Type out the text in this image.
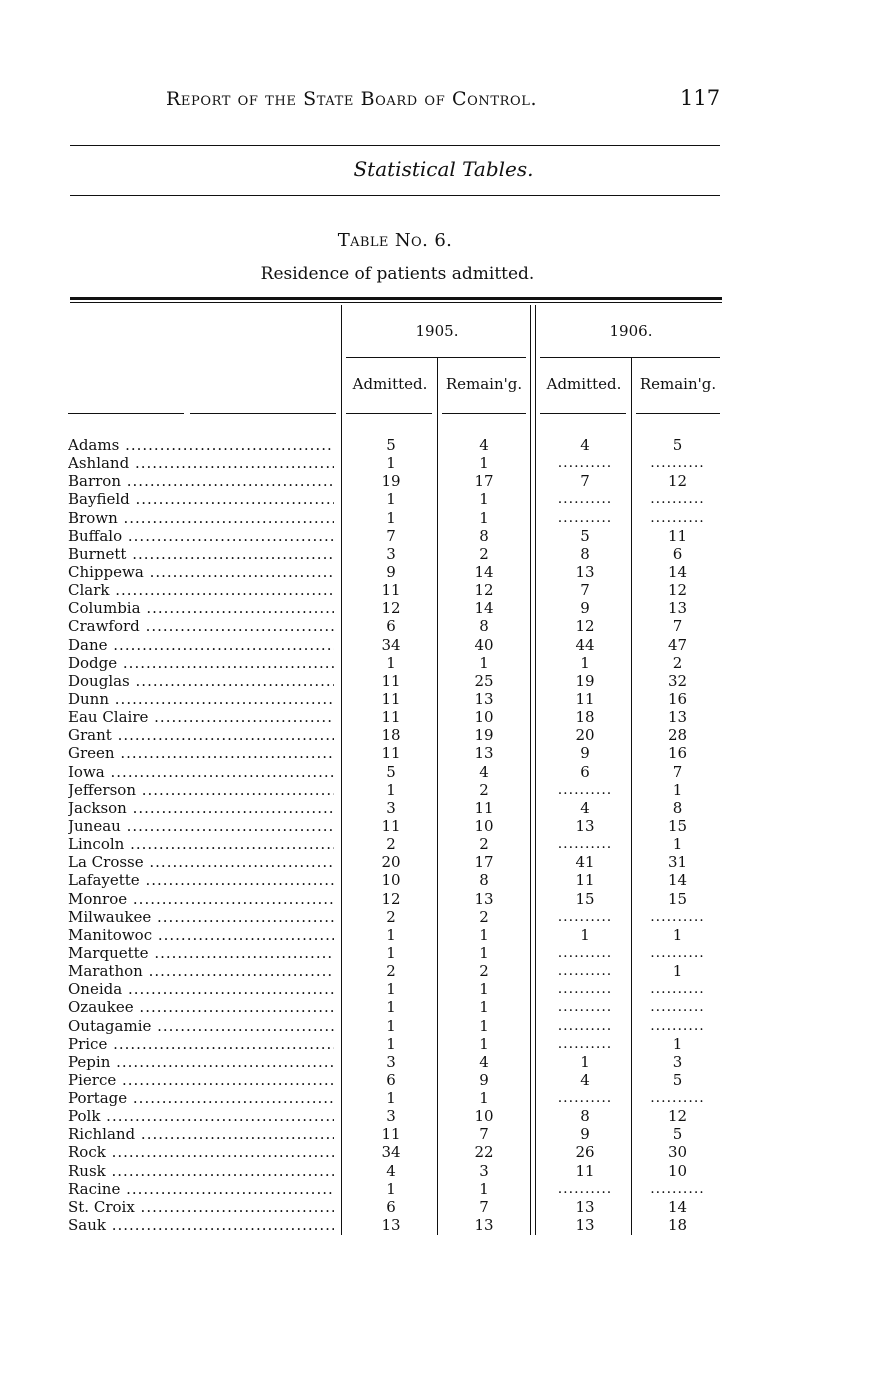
Report of the State Board of Control.	117
Statistical Tables.
Table No. 6.
Residence of patients admitted.
1905.	1906.
Admitted.	Remain'g.	Admitted.	Remain'g.
Adams .....	5	4	4	5
Ashland .....	1	1	..........	..........
Barron .....	19	17	7	12
Bayfield .....	1	1	..........	..........
Brown .....	1	1	..........	..........
Buffalo .....	7	8	5	11
Burnett .....	3	2	8	6
Chippewa .....	9	14	13	14
Clark .....	11	12	7	12
Columbia .....	12	14	9	13
Crawford .....	6	8	12	7
Dane .....	34	40	44	47
Dodge .....	1	1	1	2
Douglas .....	11	25	19	32
Dunn .....	11	13	11	16
Eau Claire .....	11	10	18	13
Grant .....	18	19	20	28
Green .....	11	13	9	16
Iowa .....	5	4	6	7
Jefferson .....	1	2	..........	1
Jackson .....	3	11	4	8
Juneau .....	11	10	13	15
Lincoln .....	2	2	..........	1
La Crosse .....	20	17	41	31
Lafayette .....	10	8	11	14
Monroe .....	12	13	15	15
Milwaukee .....	2	2	..........	..........
Manitowoc .....	1	1	1	1
Marquette .....	1	1	..........	..........
Marathon .....	2	2	..........	1
Oneida .....	1	1	..........	..........
Ozaukee .....	1	1	..........	..........
Outagamie .....	1	1	..........	..........
Price .....	1	1	..........	1
Pepin .....	3	4	1	3
Pierce .....	6	9	4	5
Portage .....	1	1	..........	..........
Polk .....	3	10	8	12
Richland .....	11	7	9	5
Rock .....	34	22	26	30
Rusk .....	4	3	11	10
Racine .....	1	1	..........	..........
St. Croix .....	6	7	13	14
Sauk .....	13	13	13	18
